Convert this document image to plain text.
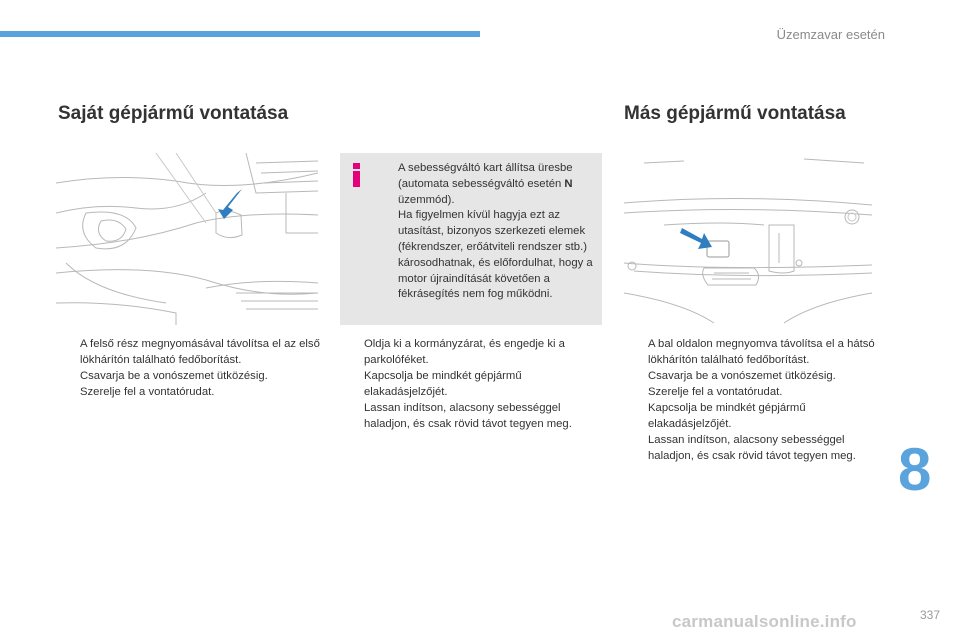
Üzemzavar esetén
Saját gépjármű vontatása	Más gépjármű vontatása
A sebességváltó kart állítsa üresbe (automata sebességváltó esetén N üzemmód).
Ha figyelmen kívül hagyja ezt az utasítást, bizonyos szerkezeti elemek (fékrendszer, erőátviteli rendszer stb.) károsodhatnak, és előfordulhat, hogy a motor újraindítását követően a fékrásegítés nem fog működni.
A felső rész megnyomásával távolítsa el az első lökhárítón található fedőborítást.
Csavarja be a vonószemet ütközésig.
Szerelje fel a vontatórudat.
Oldja ki a kormányzárat, és engedje ki a parkolóféket.
Kapcsolja be mindkét gépjármű elakadásjelzőjét.
Lassan indítson, alacsony sebességgel haladjon, és csak rövid távot tegyen meg.
A bal oldalon megnyomva távolítsa el a hátsó lökhárítón található fedőborítást.
Csavarja be a vonószemet ütközésig.
Szerelje fel a vontatórudat.
Kapcsolja be mindkét gépjármű elakadásjelzőjét.
Lassan indítson, alacsony sebességgel haladjon, és csak rövid távot tegyen meg. 8
carmanualsonline.info	337
